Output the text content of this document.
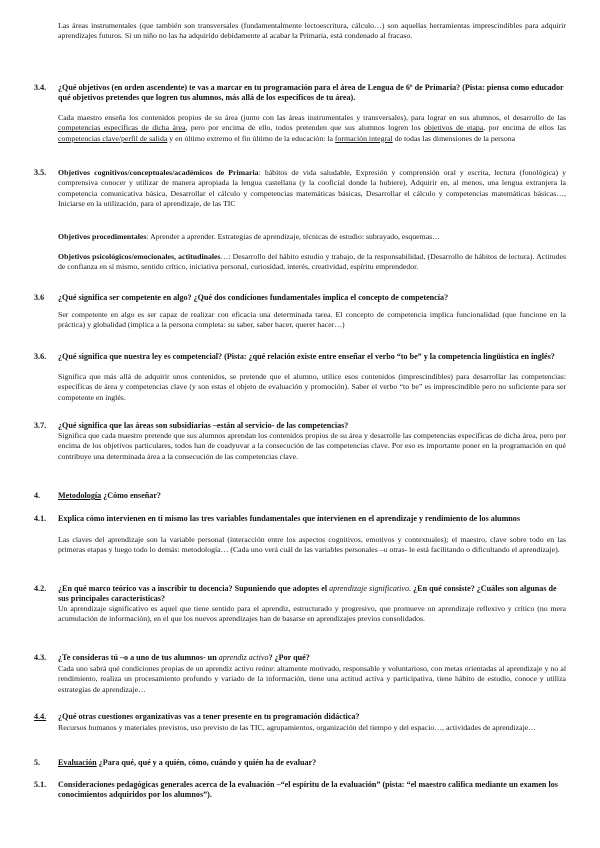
Las áreas instrumentales (que también son transversales (fundamentalmente lectoescritura, cálculo…) son aquellas herramientas imprescindibles para adquirir aprendizajes futuros. Si un niño no las ha adquirido debidamente al acabar la Primaria, está condenado al fracaso.
3.4. ¿Qué objetivos (en orden ascendente) te vas a marcar en tu programación para el área de Lengua de 6º de Primaria? (Pista: piensa como educador qué objetivos pretendes que logren tus alumnos, más allá de los específicos de tu área).
Cada maestro enseña los contenidos propios de su área (junto con las áreas instrumentales y transversales), para lograr en sus alumnos, el desarrollo de las competencias específicas de dicha área, pero por encima de ello, todos pretenden que sus alumnos logren los objetivos de etapa, por encima de ellos las competencias clave/perfil de salida y en último extremo el fin último de la educación: la formación integral de todas las dimensiones de la persona
3.5. Objetivos cognitivos/conceptuales/académicos de Primaria: hábitos de vida saludable, Expresión y comprensión oral y escrita, lectura (fonológica) y comprensiva conocer y utilizar de manera apropiada la lengua castellana (y la cooficial donde la hubiere), Adquirir en, al menos, una lengua extranjera la competencia comunicativa básica, Desarrollar el cálculo y competencias matemáticas básicas, Desarrollar el cálculo y competencias matemáticas básicas…, Iniciarse en la utilización, para el aprendizaje, de las TIC
Objetivos procedimentales: Aprender a aprender. Estrategias de aprendizaje, técnicas de estudio: subrayado, esquemas…
Objetivos psicológicos/emocionales, actitudinales…: Desarrollo del hábito estudio y trabajo, de la responsabilidad, (Desarrollo de hábitos de lectura). Actitudes de confianza en sí mismo, sentido crítico, iniciativa personal, curiosidad, interés, creatividad, espíritu emprendedor.
3.6 ¿Qué significa ser competente en algo? ¿Qué dos condiciones fundamentales implica el concepto de competencia?
Ser competente en algo es ser capaz de realizar con eficacia una determinada tarea. El concepto de competencia implica funcionalidad (que funcione en la práctica) y globalidad (implica a la persona completa: su saber, saber hacer, querer hacer…)
3.6. ¿Qué significa que nuestra ley es competencial? (Pista: ¿qué relación existe entre enseñar el verbo “to be” y la competencia lingüística en inglés?
Significa que más allá de adquirir unos contenidos, se pretende que el alumno, utilice esos contenidos (imprescindibles) para desarrollar las competencias: específicas de área y competencias clave (y son estas el objeto de evaluación y promoción). Saber el verbo “to be” es imprescindible pero no suficiente para ser competente en inglés.
3.7. ¿Qué significa que las áreas son subsidiarias –están al servicio- de las competencias?
Significa que cada maestro pretende que sus alumnos aprendan los contenidos propios de su área y desarrolle las competencias específicas de dicha área, pero por encima de los objetivos particulares, todos han de coadyuvar a la consecución de las competencias clave. Por eso es importante poner en la programación en qué contribuye una determinada área a la consecución de las competencias clave.
4. Metodología ¿Cómo enseñar?
4.1. Explica cómo intervienen en ti mismo las tres variables fundamentales que intervienen en el aprendizaje y rendimiento de los alumnos
Las claves del aprendizaje son la variable personal (interacción entre los aspectos cognitivos, emotivos y contextuales); el maestro, clave sobre todo en las primeras etapas y luego todo lo demás: metodología… (Cada uno verá cuál de las variables personales –u otras- le está facilitando o dificultando el aprendizaje).
4.2. ¿En qué marco teórico vas a inscribir tu docencia? Supuniendo que adoptes el aprendizaje significativo. ¿En qué consiste? ¿Cuáles son algunas de sus principales características?
Un aprendizaje significativo es aquel que tiene sentido para el aprendiz, estructurado y progresivo, que promueve un aprendizaje reflexivo y crítico (no mera acumulación de información), en el que los nuevos aprendizajes han de basarse en aprendizajes previos consolidados.
4.3. ¿Te consideras tú –o a uno de tus alumnos- un aprendiz activo? ¿Por qué?
Cada uno sabrá qué condiciones propias de un aprendiz activo reúne: altamente motivado, responsable y voluntarioso, con metas orientadas al aprendizaje y no al rendimiento, realiza un procesamiento profundo y variado de la información, tiene una actitud activa y participativa, tiene hábito de estudio, conoce y utiliza estrategias de aprendizaje…
4.4. ¿Qué otras cuestiones organizativas vas a tener presente en tu programación didáctica?
Recursos humanos y materiales previstos, uso previsto de las TIC, agrupamientos, organización del tiempo y del espacio…, actividades de aprendizaje…
5. Evaluación ¿Para qué, qué y a quién, cómo, cuándo y quién ha de evaluar?
5.1. Consideraciones pedagógicas generales acerca de la evaluación –“el espíritu de la evaluación” (pista: “el maestro califica mediante un examen los conocimientos adquiridos por los alumnos”).
